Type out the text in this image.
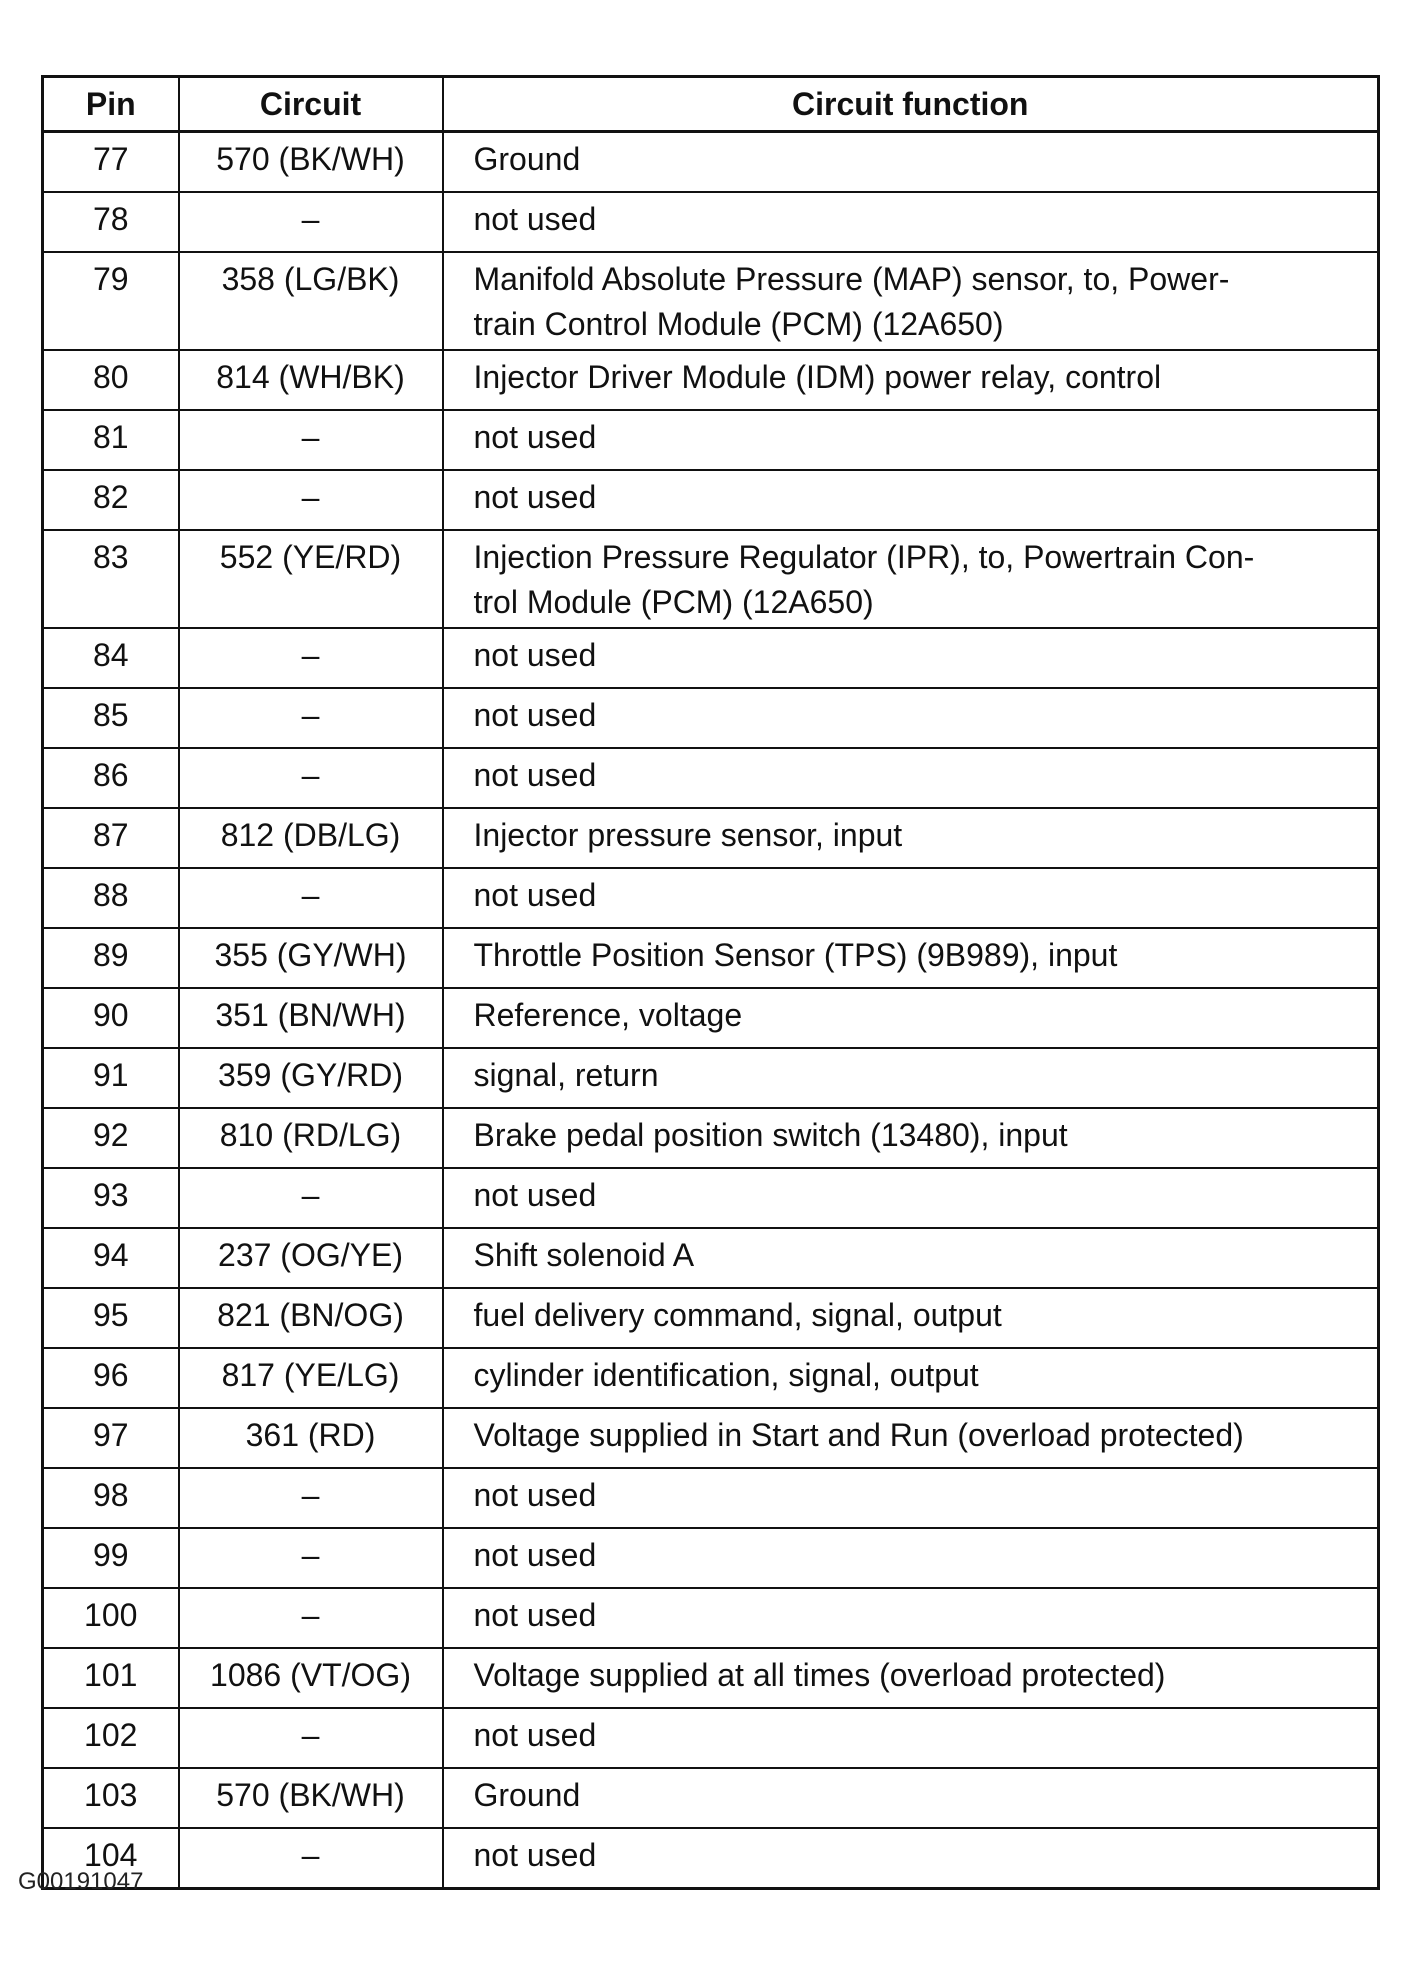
Pin	Circuit	Circuit function
77	570 (BK/WH)	Ground

78	–	not used

79	358 (LG/BK)	Manifold Absolute Pressure (MAP) sensor, to, Power-
train Control Module (PCM) (12A650)

80	814 (WH/BK)	Injector Driver Module (IDM) power relay, control

81	–	not used

82	–	not used

83	552 (YE/RD)	Injection Pressure Regulator (IPR), to, Powertrain Con-
trol Module (PCM) (12A650)

84	–	not used

85	–	not used

86	–	not used

87	812 (DB/LG)	Injector pressure sensor, input

88	–	not used

89	355 (GY/WH)	Throttle Position Sensor (TPS) (9B989), input

90	351 (BN/WH)	Reference, voltage

91	359 (GY/RD)	signal, return

92	810 (RD/LG)	Brake pedal position switch (13480), input

93	–	not used

94	237 (OG/YE)	Shift solenoid A

95	821 (BN/OG)	fuel delivery command, signal, output

96	817 (YE/LG)	cylinder identification, signal, output

97	361 (RD)	Voltage supplied in Start and Run (overload protected)

98	–	not used

99	–	not used

100	–	not used

101	1086 (VT/OG)	Voltage supplied at all times (overload protected)

102	–	not used

103	570 (BK/WH)	Ground

104	–	not used
G00191047
